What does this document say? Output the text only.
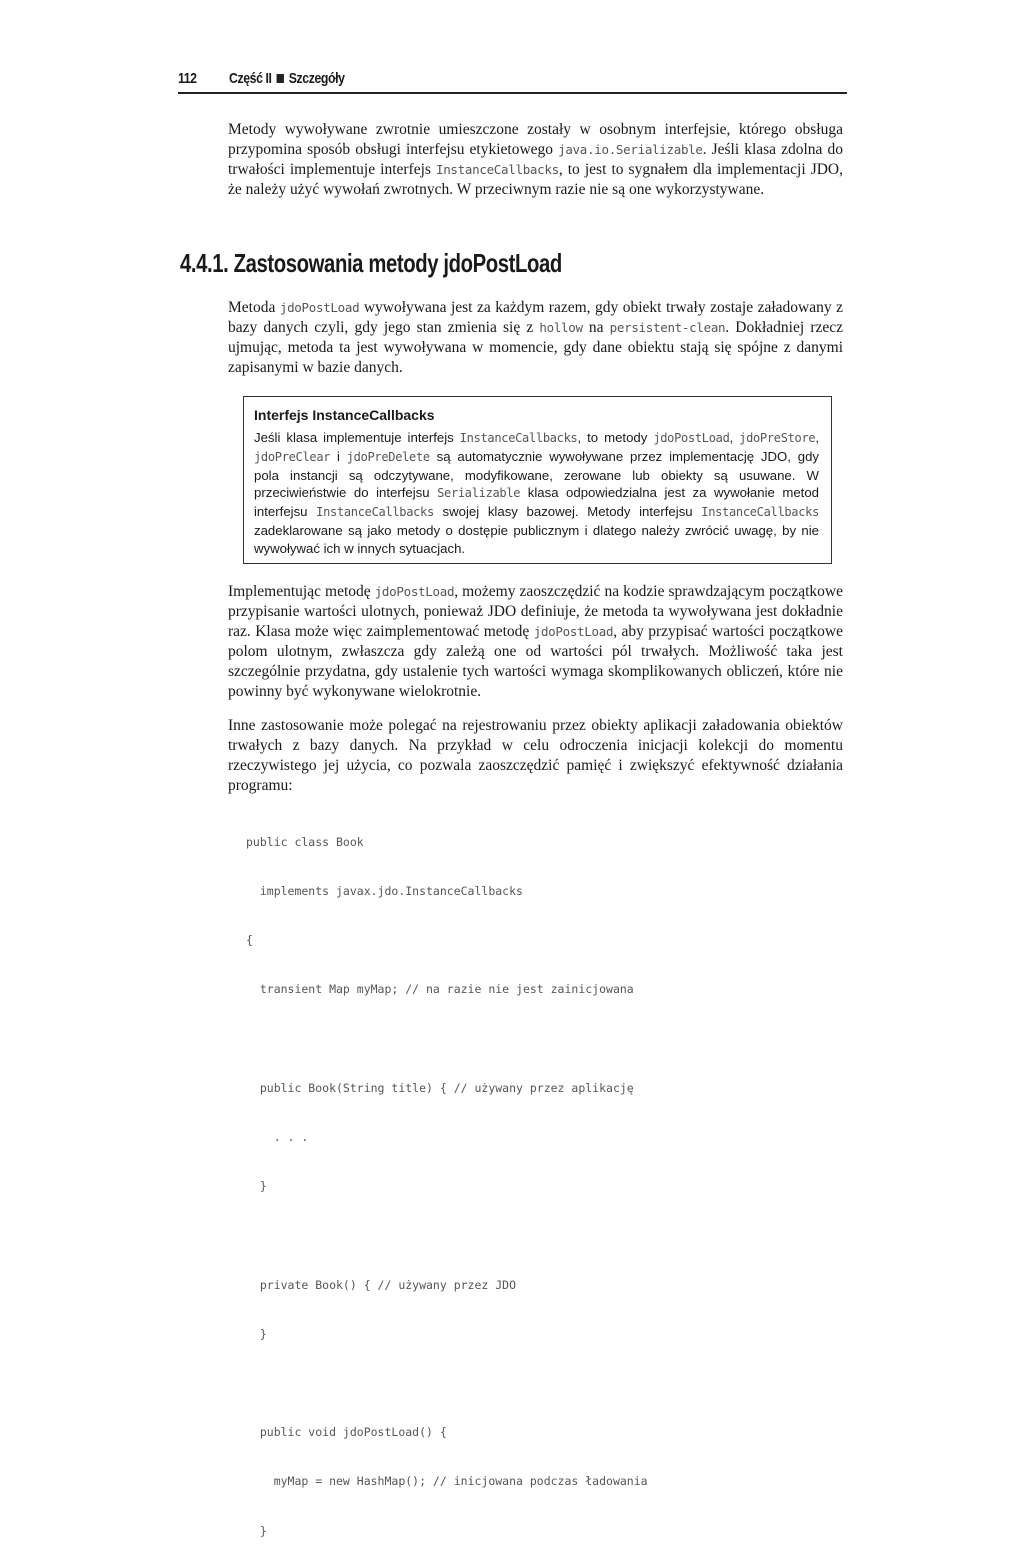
112 Część II Szczegóły
Metody wywoływane zwrotnie umieszczone zostały w osobnym interfejsie, którego obsługa przypomina sposób obsługi interfejsu etykietowego java.io.Serializable. Jeśli klasa zdolna do trwałości implementuje interfejs InstanceCallbacks, to jest to sygnałem dla implementacji JDO, że należy użyć wywołań zwrotnych. W przeciwnym razie nie są one wykorzystywane.
4.4.1. Zastosowania metody jdoPostLoad
Metoda jdoPostLoad wywoływana jest za każdym razem, gdy obiekt trwały zostaje załadowany z bazy danych czyli, gdy jego stan zmienia się z hollow na persistent-clean. Dokładniej rzecz ujmując, metoda ta jest wywoływana w momencie, gdy dane obiektu stają się spójne z danymi zapisanymi w bazie danych.
Interfejs InstanceCallbacks
Jeśli klasa implementuje interfejs InstanceCallbacks, to metody jdoPostLoad, jdoPreStore, jdoPreClear i jdoPreDelete są automatycznie wywoływane przez implementację JDO, gdy pola instancji są odczytywane, modyfikowane, zerowane lub obiekty są usuwane. W przeciwieństwie do interfejsu Serializable klasa odpowiedzialna jest za wywołanie metod interfejsu InstanceCallbacks swojej klasy bazowej. Metody interfejsu InstanceCallbacks zadeklarowane są jako metody o dostępie publicznym i dlatego należy zwrócić uwagę, by nie wywoływać ich w innych sytuacjach.
Implementując metodę jdoPostLoad, możemy zaoszczędzić na kodzie sprawdzającym początkowe przypisanie wartości ulotnych, ponieważ JDO definiuje, że metoda ta wywoływana jest dokładnie raz. Klasa może więc zaimplementować metodę jdoPostLoad, aby przypisać wartości początkowe polom ulotnym, zwłaszcza gdy zależą one od wartości pól trwałych. Możliwość taka jest szczególnie przydatna, gdy ustalenie tych wartości wymaga skomplikowanych obliczeń, które nie powinny być wykonywane wielokrotnie.
Inne zastosowanie może polegać na rejestrowaniu przez obiekty aplikacji załadowania obiektów trwałych z bazy danych. Na przykład w celu odroczenia inicjacji kolekcji do momentu rzeczywistego jej użycia, co pozwala zaoszczędzić pamięć i zwiększyć efektywność działania programu:

public class Book

implements javax.jdo.InstanceCallbacks

{

transient Map myMap; // na razie nie jest zainicjowana

public Book(String title) { // używany przez aplikację

. . .

}

private Book() { // używany przez JDO

}

public void jdoPostLoad() {

myMap = new HashMap(); // inicjowana podczas ładowania

}
